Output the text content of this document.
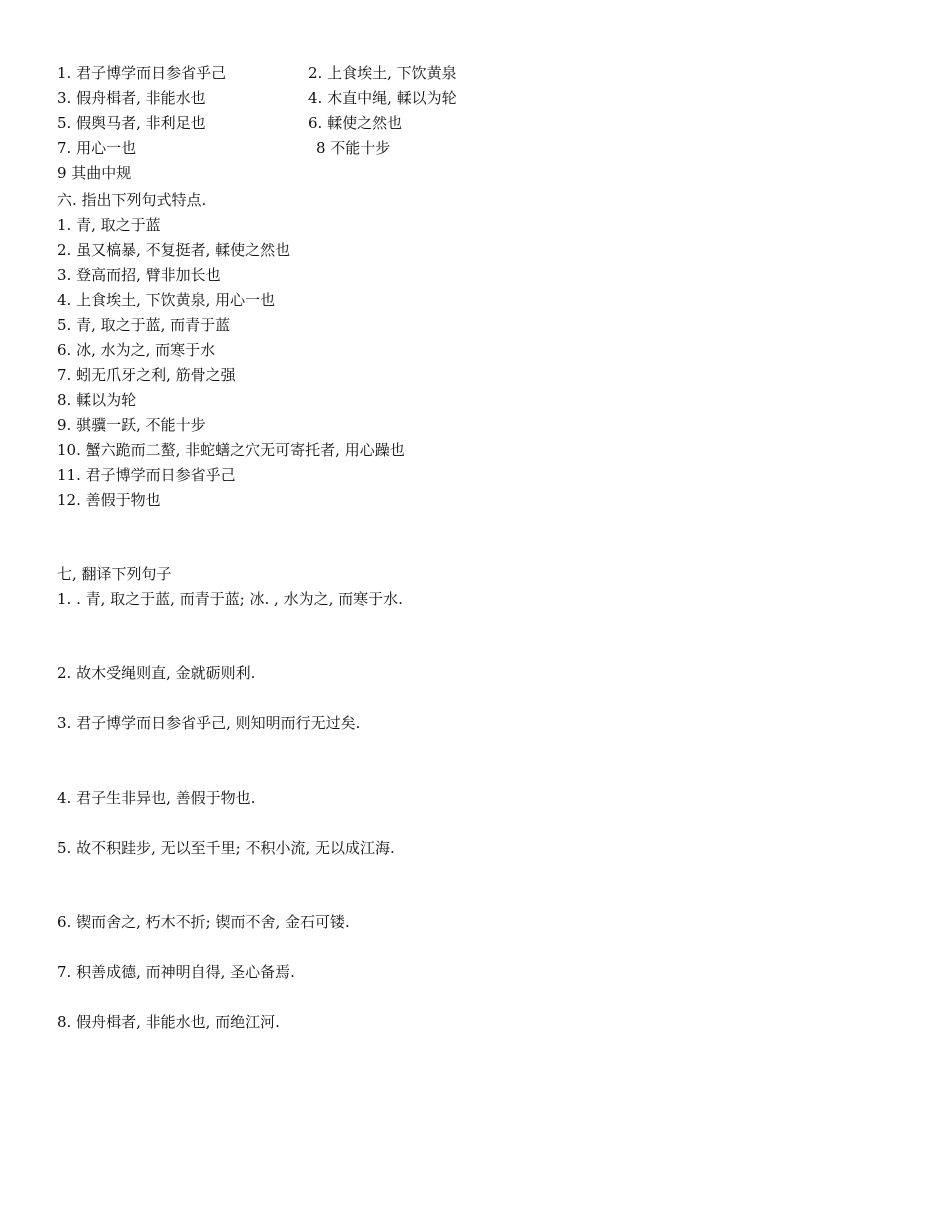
1. 君子博学而日参省乎己	2. 上食埃土, 下饮黄泉
3. 假舟楫者, 非能水也	4. 木直中绳, 輮以为轮
5. 假舆马者, 非利足也	6. 輮使之然也
7. 用心一也	8 不能十步
9 其曲中规
六. 指出下列句式特点.
1. 青, 取之于蓝
2. 虽又槁暴, 不复挺者, 輮使之然也
3. 登高而招, 臂非加长也
4. 上食埃土, 下饮黄泉, 用心一也
5. 青, 取之于蓝, 而青于蓝
6. 冰, 水为之, 而寒于水
7. 蚓无爪牙之利, 筋骨之强
8. 輮以为轮
9. 骐骥一跃, 不能十步
10. 蟹六跪而二螯, 非蛇蟮之穴无可寄托者, 用心躁也
11. 君子博学而日参省乎己
12. 善假于物也
七, 翻译下列句子
1. . 青, 取之于蓝, 而青于蓝; 冰. , 水为之, 而寒于水.
2. 故木受绳则直, 金就砺则利.
3. 君子博学而日参省乎己, 则知明而行无过矣.
4. 君子生非异也, 善假于物也.
5. 故不积跬步, 无以至千里; 不积小流, 无以成江海.
6. 锲而舍之, 朽木不折; 锲而不舍, 金石可镂.
7. 积善成德, 而神明自得, 圣心备焉.
8. 假舟楫者, 非能水也, 而绝江河.
